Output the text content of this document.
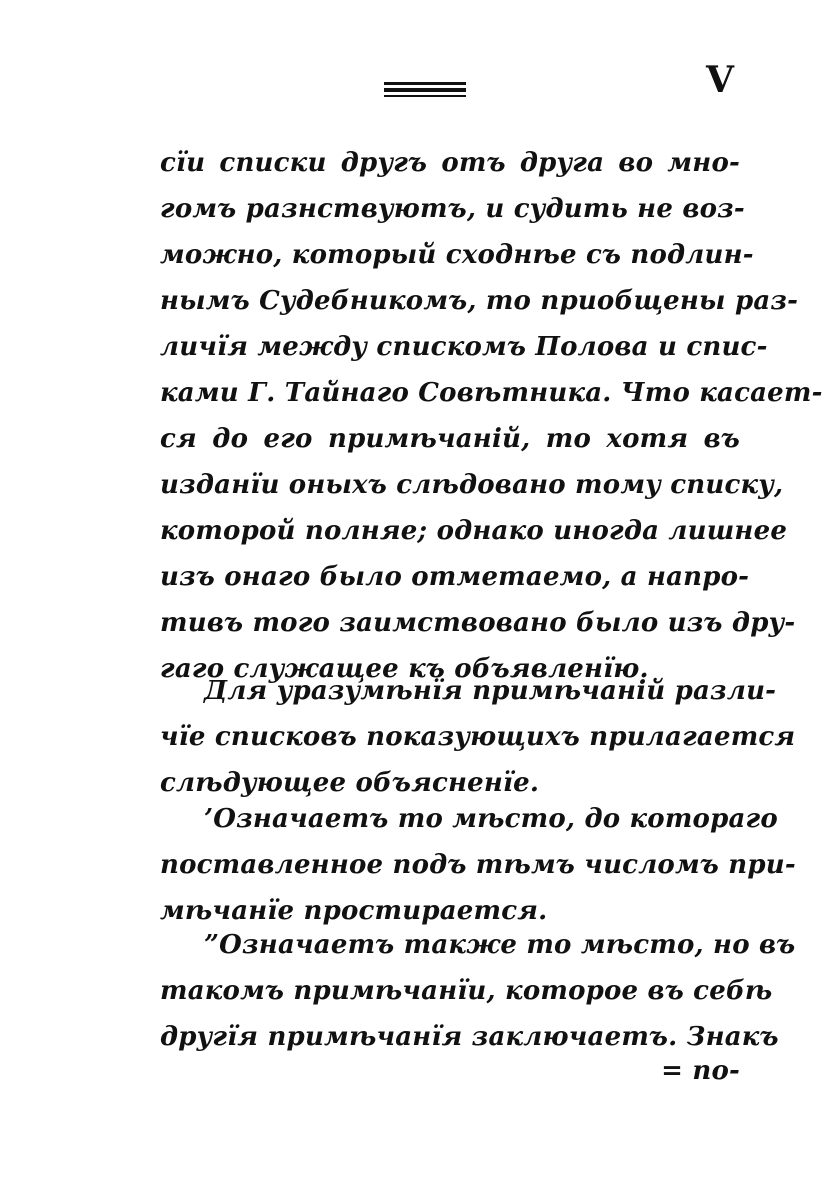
V
сїи списки другъ отъ друга во мно-
гомъ разнствуютъ, и судить не воз-
можно, который сходнѣе съ подлин-
нымъ Судебникомъ, то приобщены раз-
личїя между спискомъ Полова и спис-
ками Г. Тайнаго Совѣтника. Что касает-
ся до его примѣчаній, то хотя въ
изданїи оныхъ слѣдовано тому списку,
которой полняе; однако иногда лишнее
изъ онаго было отметаемо, а напро-
тивъ того заимствовано было изъ дру-
гаго служащее къ объявленїю.
Для уразумѣнїя примѣчаній разли-
чїе списковъ показующихъ прилагается
слѣдующее объясненїе.
’Означаетъ то мѣсто, до котораго
поставленное подъ тѣмъ числомъ при-
мѣчанїе простирается.
”Означаетъ также то мѣсто, но въ
такомъ примѣчанїи, которое въ себѣ
другїя примѣчанїя заключаетъ. Знакъ
= по-
